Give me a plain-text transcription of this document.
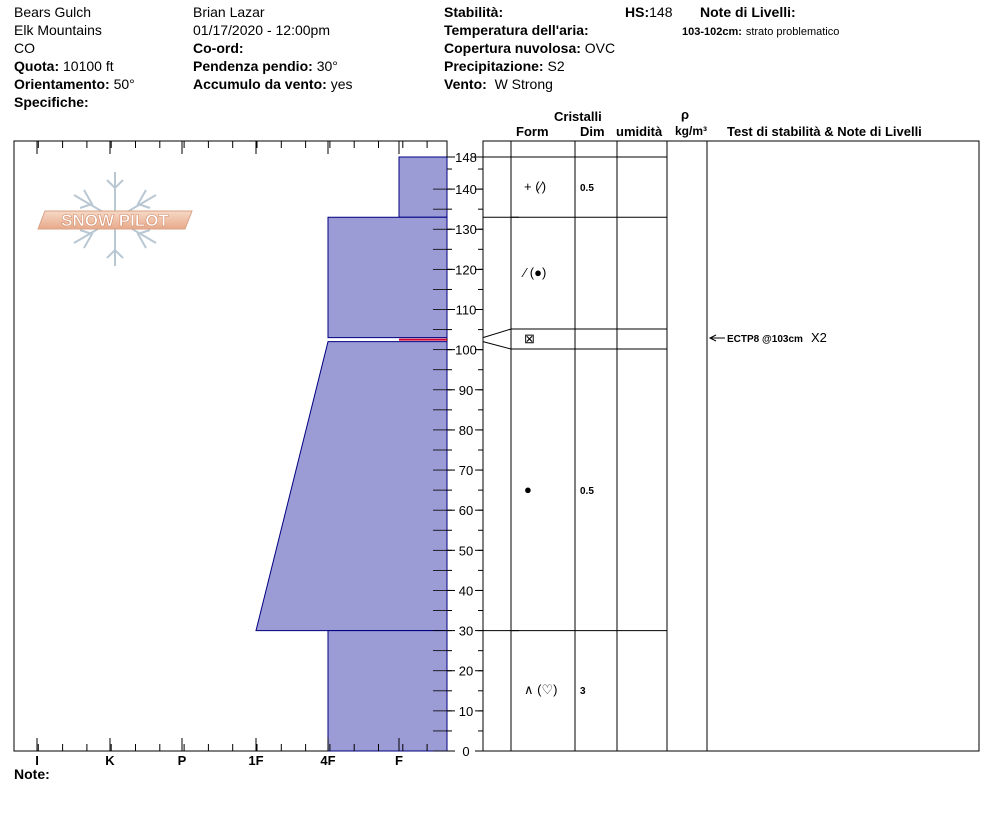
Bears Gulch
Elk Mountains
CO
Quota: 10100 ft
Orientamento: 50°
Specifiche:
Brian Lazar
01/17/2020 - 12:00pm
Co-ord:
Pendenza pendio: 30°
Accumulo da vento: yes
Stabilità:
Temperatura dell'aria:
Copertura nuvolosa: OVC
Precipitazione: S2
Vento: W Strong
HS:148 Note di Livelli:
103-102cm: strato problematico
Cristalli
Form Dim umidità
ρ
kg/m³ Test di stabilità & Note di Livelli
Note:
SNOW PILOT
I	K	P	1F	4F	F
0
10
20
30
40
50
60
70
80
90
100
110
120
130
140
148
+ (⁄)	0.5
⁄ (●)
⊠
●	0.5
∧ (♡) 3
ECTP8 @103cm X2
